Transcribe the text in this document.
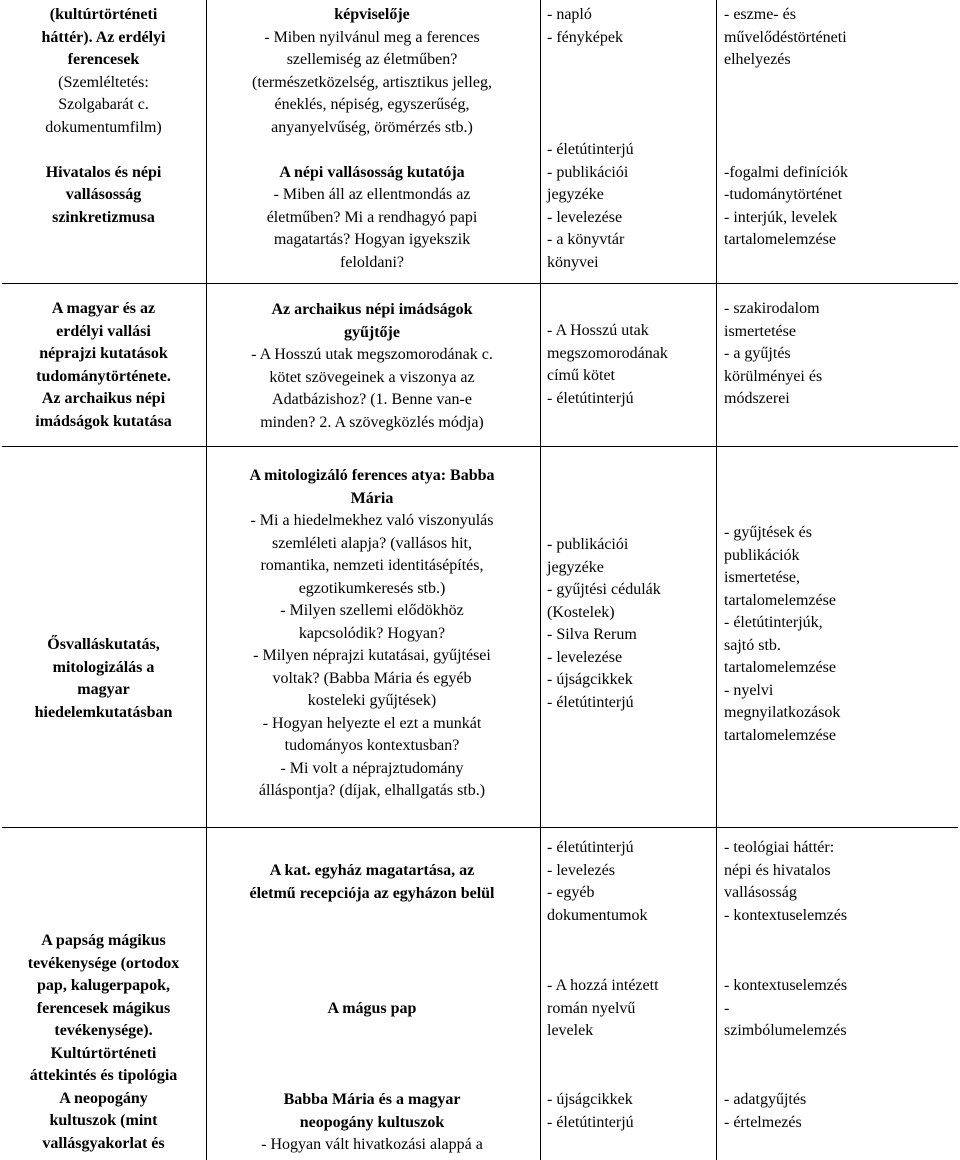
(kultúrtörténeti
háttér). Az erdélyi
ferencesek
(Szemléltetés:
Szolgabarát c.
dokumentumfilm)

Hivatalos és népi
vallásosság
szinkretizmusa
képviselője
- Miben nyilvánul meg a ferences
szellemiség az életműben?
(természetközelség, artisztikus jelleg,
éneklés, népiség, egyszerűség,
anyanyelvűség, örömérzés stb.)

A népi vallásosság kutatója
- Miben áll az ellentmondás az
életműben? Mi a rendhagyó papi
magatartás? Hogyan igyekszik
feloldani?
- napló
- fényképek

- életútinterjú
- publikációi
jegyzéke
- levelezése
- a könyvtár
könyvei
- eszme- és
művelődéstörténeti
elhelyezés

-fogalmi definíciók
-tudománytörténet
- interjúk, levelek
tartalomelemzése
A magyar és az
erdélyi vallási
néprajzi kutatások
tudománytörténete.
Az archaikus népi
imádságok kutatása
Az archaikus népi imádságok
gyűjtője
- A Hosszú utak megszomorodának c.
kötet szövegeinek a viszonya az
Adatbázishoz? (1. Benne van-e
minden? 2. A szövegközlés módja)
- A Hosszú utak
megszomorodának
című kötet
- életútinterjú
- szakirodalom
ismertetése
- a gyűjtés
körülményei és
módszerei
Ősvalláskutatás,
mitologizálás a
magyar
hiedelemkutatásban
A mitologizáló ferences atya: Babba
Mária
- Mi a hiedelmekhez való viszonyulás
szemléleti alapja? (vallásos hit,
romantika, nemzeti identitásépítés,
egzotikumkeresés stb.)
- Milyen szellemi elődökhöz
kapcsolódik? Hogyan?
- Milyen néprajzi kutatásai, gyűjtései
voltak? (Babba Mária és egyéb
kosteleki gyűjtések)
- Hogyan helyezte el ezt a munkát
tudományos kontextusban?
- Mi volt a néprajztudomány
álláspontja? (díjak, elhallgatás stb.)
- publikációi
jegyzéke
- gyűjtési cédulák
(Kostelek)
- Silva Rerum
- levelezése
- újságcikkek
- életútinterjú
- gyűjtések és
publikációk
ismertetése,
tartalomelemzése
- életútinterjúk,
sajtó stb.
tartalomelemzése
- nyelvi
megnyilatkozások
tartalomelemzése
A papság mágikus
tevékenysége (ortodox
pap, kalugerpapok,
ferencesek mágikus
tevékenysége).
Kultúrtörténeti
áttekintés és tipológia
A neopogány
kultuszok (mint
vallásgyakorlat és
A kat. egyház magatartása, az
életmű recepciója az egyházon belül
A mágus pap
Babba Mária és a magyar
neopogány kultuszok
- Hogyan vált hivatkozási alappá a
- életútinterjú
- levelezés
- egyéb
dokumentumok
- A hozzá intézett
román nyelvű
levelek
- újságcikkek
- életútinterjú
- teológiai háttér:
népi és hivatalos
vallásosság
- kontextuselemzés
- kontextuselemzés
-
szimbólumelemzés
- adatgyűjtés
- értelmezés
